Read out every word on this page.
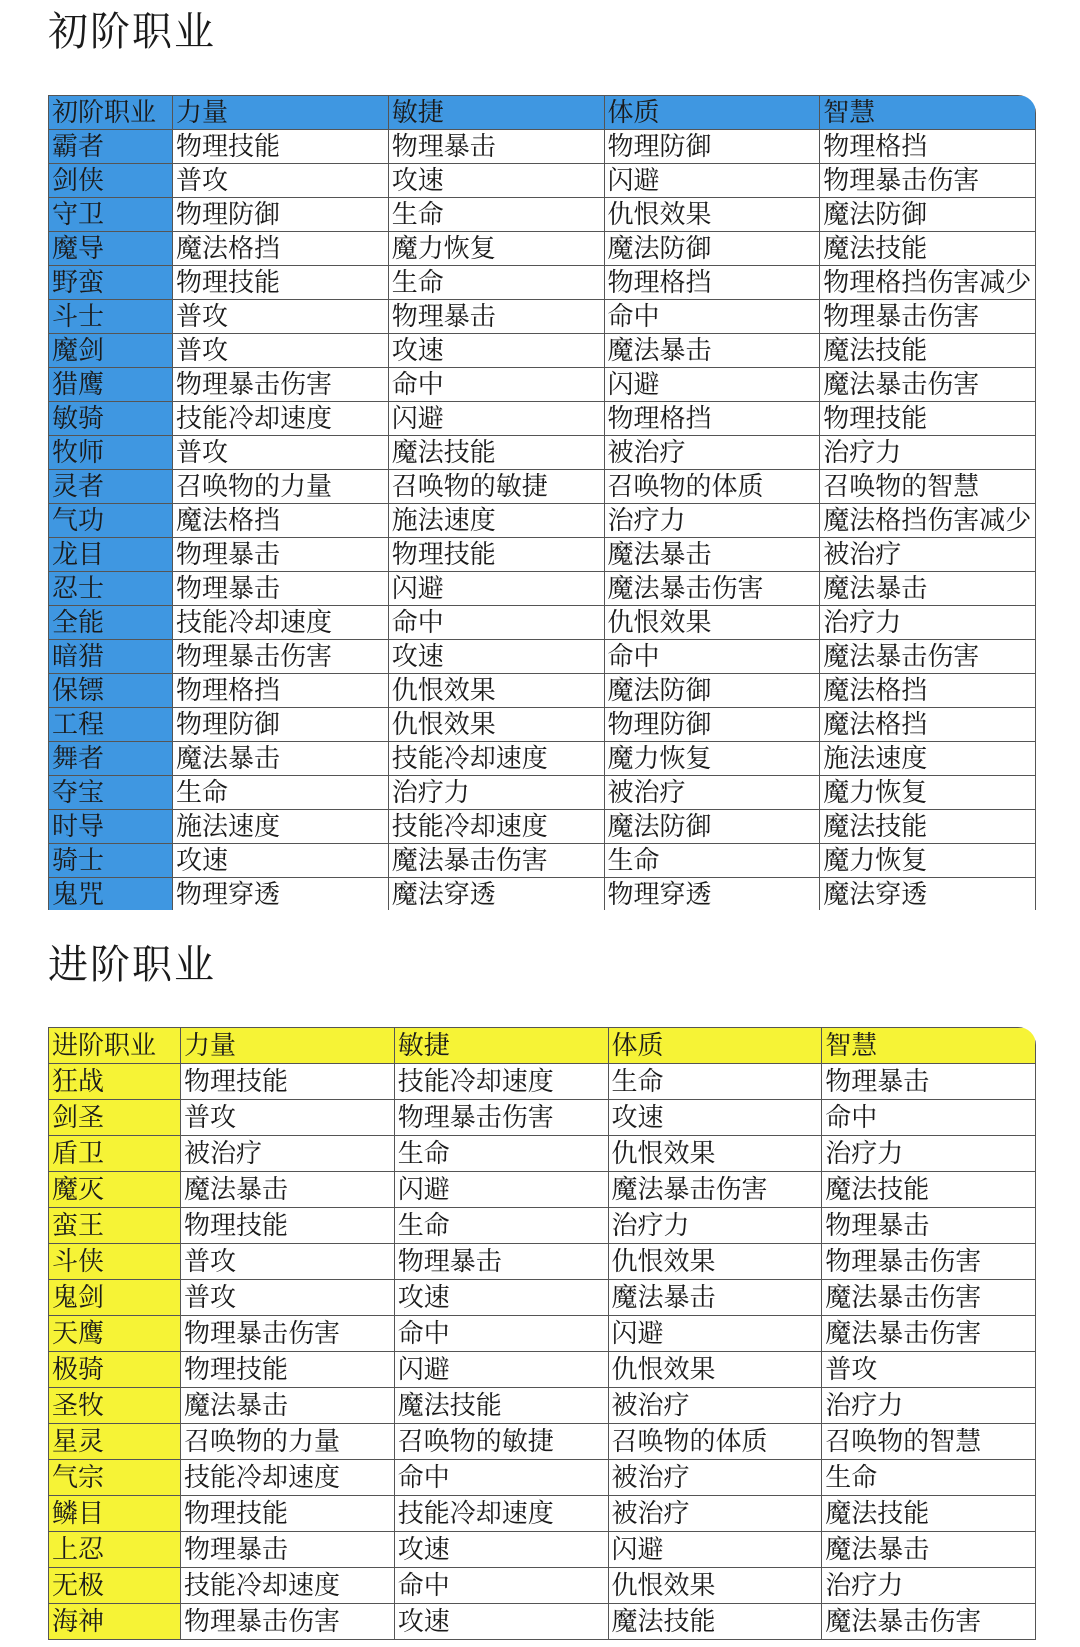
初阶职业
初阶职业	力量	敏捷	体质	智慧
霸者	物理技能	物理暴击	物理防御	物理格挡
剑侠	普攻	攻速	闪避	物理暴击伤害
守卫	物理防御	生命	仇恨效果	魔法防御
魔导	魔法格挡	魔力恢复	魔法防御	魔法技能
野蛮	物理技能	生命	物理格挡	物理格挡伤害减少
斗士	普攻	物理暴击	命中	物理暴击伤害
魔剑	普攻	攻速	魔法暴击	魔法技能
猎鹰	物理暴击伤害	命中	闪避	魔法暴击伤害
敏骑	技能冷却速度	闪避	物理格挡	物理技能
牧师	普攻	魔法技能	被治疗	治疗力
灵者	召唤物的力量	召唤物的敏捷	召唤物的体质	召唤物的智慧
气功	魔法格挡	施法速度	治疗力	魔法格挡伤害减少
龙目	物理暴击	物理技能	魔法暴击	被治疗
忍士	物理暴击	闪避	魔法暴击伤害	魔法暴击
全能	技能冷却速度	命中	仇恨效果	治疗力
暗猎	物理暴击伤害	攻速	命中	魔法暴击伤害
保镖	物理格挡	仇恨效果	魔法防御	魔法格挡
工程	物理防御	仇恨效果	物理防御	魔法格挡
舞者	魔法暴击	技能冷却速度	魔力恢复	施法速度
夺宝	生命	治疗力	被治疗	魔力恢复
时导	施法速度	技能冷却速度	魔法防御	魔法技能
骑士	攻速	魔法暴击伤害	生命	魔力恢复
鬼咒	物理穿透	魔法穿透	物理穿透	魔法穿透
进阶职业
进阶职业	力量	敏捷	体质	智慧
狂战	物理技能	技能冷却速度	生命	物理暴击
剑圣	普攻	物理暴击伤害	攻速	命中
盾卫	被治疗	生命	仇恨效果	治疗力
魔灭	魔法暴击	闪避	魔法暴击伤害	魔法技能
蛮王	物理技能	生命	治疗力	物理暴击
斗侠	普攻	物理暴击	仇恨效果	物理暴击伤害
鬼剑	普攻	攻速	魔法暴击	魔法暴击伤害
天鹰	物理暴击伤害	命中	闪避	魔法暴击伤害
极骑	物理技能	闪避	仇恨效果	普攻
圣牧	魔法暴击	魔法技能	被治疗	治疗力
星灵	召唤物的力量	召唤物的敏捷	召唤物的体质	召唤物的智慧
气宗	技能冷却速度	命中	被治疗	生命
鳞目	物理技能	技能冷却速度	被治疗	魔法技能
上忍	物理暴击	攻速	闪避	魔法暴击
无极	技能冷却速度	命中	仇恨效果	治疗力
海神	物理暴击伤害	攻速	魔法技能	魔法暴击伤害
